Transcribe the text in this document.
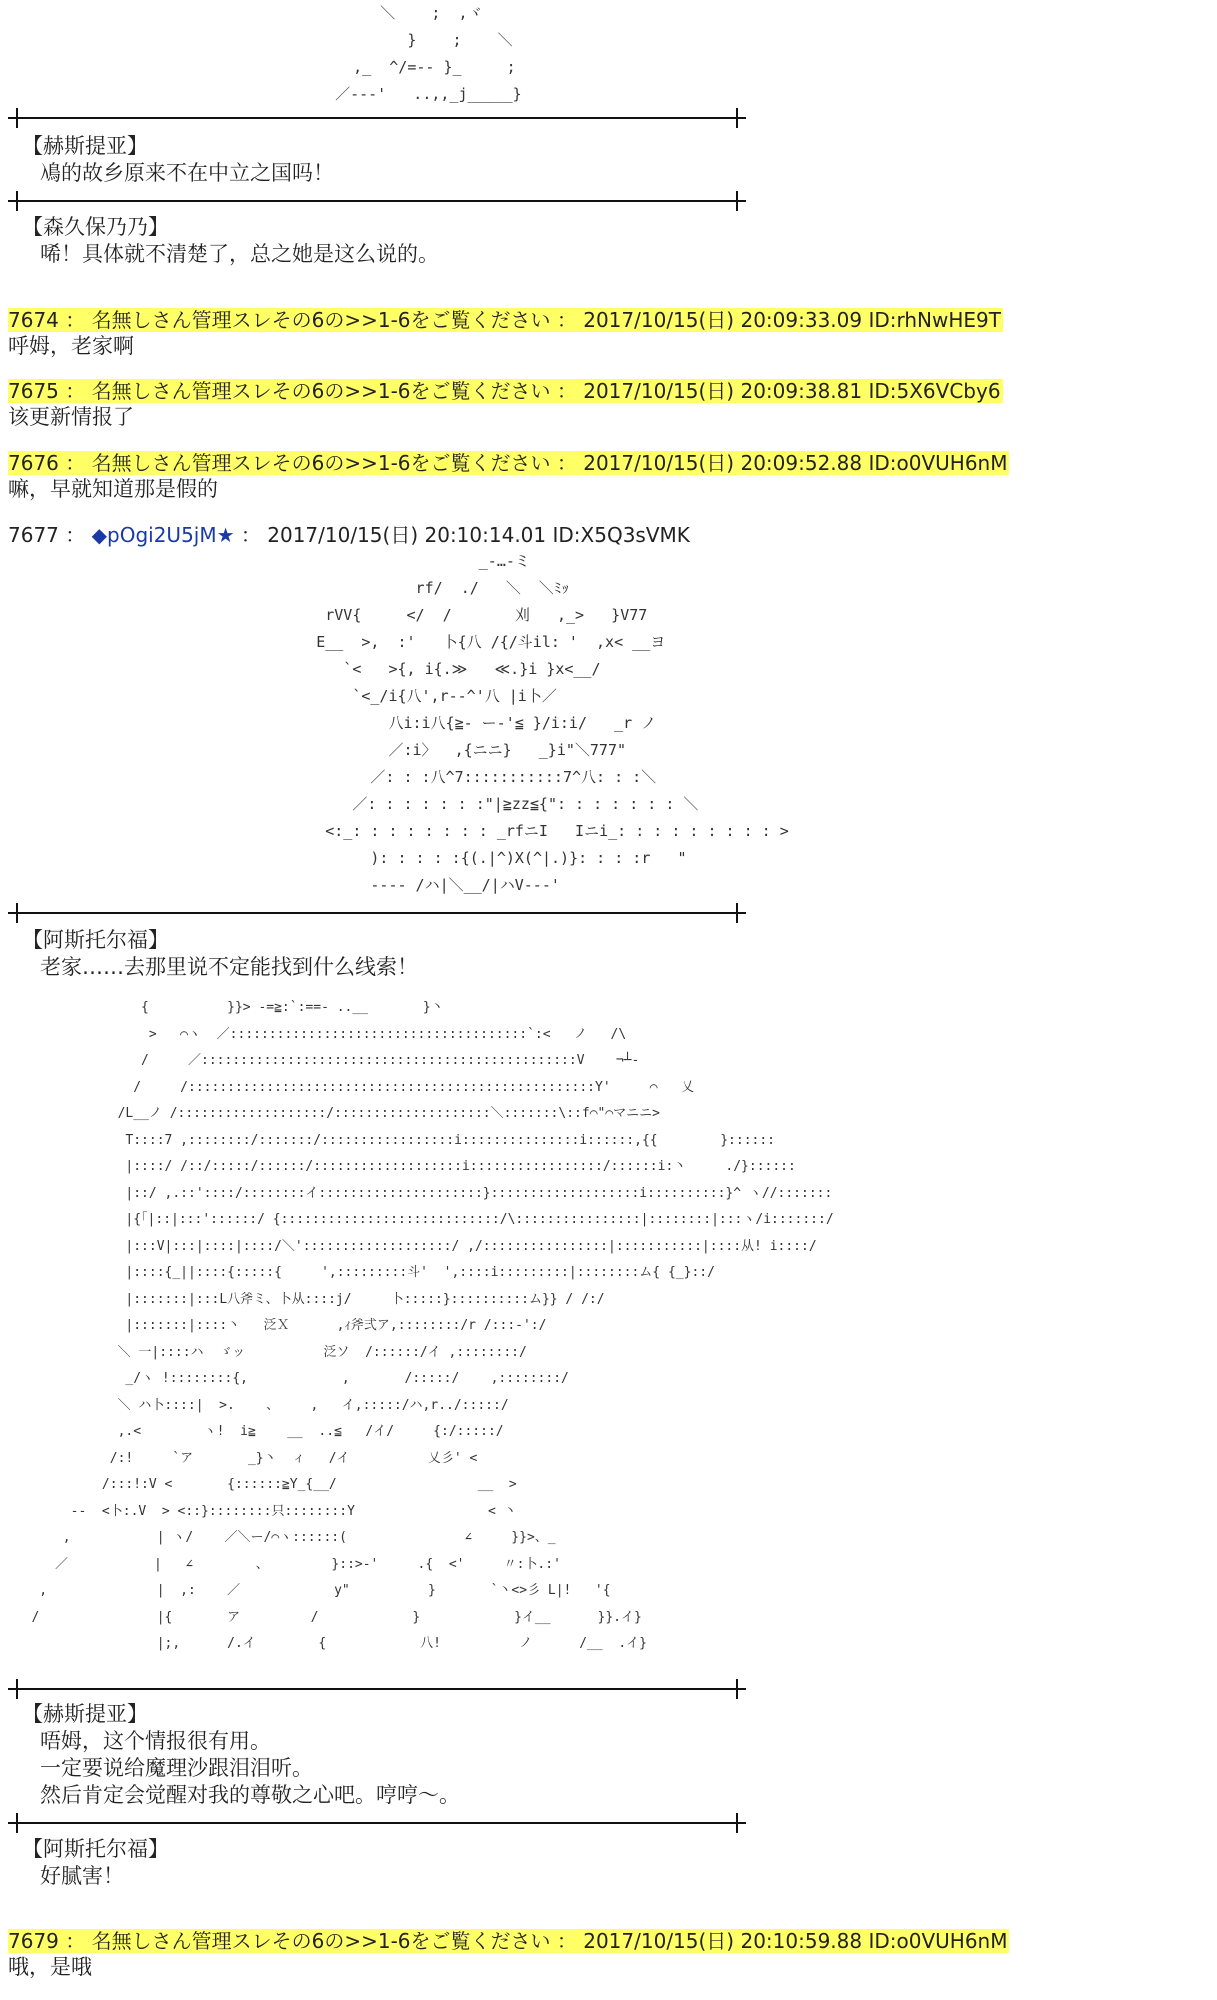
＼    ;  ,ヾ
}    ;    ＼
,_  ^/=-- }_     ;
／---'   ..,,_j_____}
【赫斯提亚】
鳰的故乡原来不在中立之国吗！
【森久保乃乃】
唏！具体就不清楚了，总之她是这么说的。
7674 ： 名無しさん管理スレその6の>>1-6をご覧ください ： 2017/10/15(日) 20:09:33.09 ID:rhNwHE9T
呼姆，老家啊
7675 ： 名無しさん管理スレその6の>>1-6をご覧ください ： 2017/10/15(日) 20:09:38.81 ID:5X6VCby6
该更新情报了
7676 ： 名無しさん管理スレその6の>>1-6をご覧ください ： 2017/10/15(日) 20:09:52.88 ID:o0VUH6nM
嘛，早就知道那是假的
7677 ： ◆pOgi2U5jM★ ： 2017/10/15(日) 20:10:14.01 ID:X5Q3sVMK
_-…-ミ
rf/  ./   ＼  ＼ﾐｯ
rVV{     </  /       刈   ,_>   }V77
E__  >,  :'   卜{八 /{/斗il: '  ,x< __ヨ
`<   >{, i{.≫   ≪.}i }x<__/
`<_/i{八',r--^'八 |i卜／
八i:i八{≧- ー-'≦ }/i:i/   _r ノ
／:i〉  ,{ニニ}   _}i"＼777"
／: : :八^7:::::::::::7^八: : :＼
／: : : : : : :"|≧zz≦{": : : : : : : ＼
<:_: : : : : : : : _rfニI   Iニi_: : : : : : : : : >
): : : : :{(.|^)X(^|.)}: : : :r   "
---- /ハ|＼__/|ハV---'
【阿斯托尔福】
老家……去那里说不定能找到什么线索！
{          }}> -=≧:`:==- ..__       }丶
>   ⌒ヽ  ／::::::::::::::::::::::::::::::::::::::`:<   ノ   /\
/     ／::::::::::::::::::::::::::::::::::::::::::::::::V    ¬┴‐
/     /::::::::::::::::::::::::::::::::::::::::::::::::::::Y'     ⌒   乂
/L__ノ /:::::::::::::::::::/::::::::::::::::::::＼:::::::\::f⌒"⌒マニニ>
T::::7 ,::::::::/:::::::/:::::::::::::::::i:::::::::::::::i::::::,{{        }::::::
|::::/ /::/:::::/::::::/:::::::::::::::::::i:::::::::::::::::/::::::i:丶     ./}::::::
|::/ ,.::'::::/::::::::イ:::::::::::::::::::::}:::::::::::::::::::i::::::::::}^ ヽ//:::::::
|{「|::|:::'::::::/ {::::::::::::::::::::::::::::/\::::::::::::::::|::::::::|:::ヽ/i:::::::/
|:::V|:::|::::|::::/＼':::::::::::::::::::/ ,/::::::::::::::::|:::::::::::|::::从! i::::/
|::::{_||::::{:::::{     ',:::::::::斗'  ',::::i:::::::::|::::::::ム{ {_}::/
|:::::::|:::L八斧ミ、卜从::::j/     卜:::::}::::::::::ム}} / /:/
|:::::::|::::丶   泛Ｘ      ,ｨ斧弍ア,::::::::/r /:::‐':/
＼ 一|::::ハ  ゞッ          泛ソ  /::::::/イ ,::::::::/
_/ヽ !::::::::{,            ,       /:::::/    ,::::::::/
＼ ハ卜::::|  >.    、    ,   イ,:::::/ハ,r../:::::/
,.<        ヽ!  i≧    __  ..≦   /イ/     {:/:::::/
/:!     `ア       _}丶  ィ   /イ          乂彡' <
/:::!:V <       {::::::≧Y_{__/                  __  >
--  <卜:.V  > <::}::::::::只::::::::Y                 < 丶
,           | ヽ/    ／＼ー/⌒ヽ::::::(               ∠     }}>、_
／           |   ∠        、        }::>-'     .{  <'     〃:卜.:'
,              |  ,:    ／            y"          }       `丶<>彡 L|!   '{
/               |{       ア         /            }            }イ__      }}.イ}
|;,      /.イ        {            八!          ノ      /__  .イ}
【赫斯提亚】
唔姆，这个情报很有用。
一定要说给魔理沙跟泪泪听。
然后肯定会觉醒对我的尊敬之心吧。哼哼～。
【阿斯托尔福】
好腻害！
7679 ： 名無しさん管理スレその6の>>1-6をご覧ください ： 2017/10/15(日) 20:10:59.88 ID:o0VUH6nM
哦，是哦
